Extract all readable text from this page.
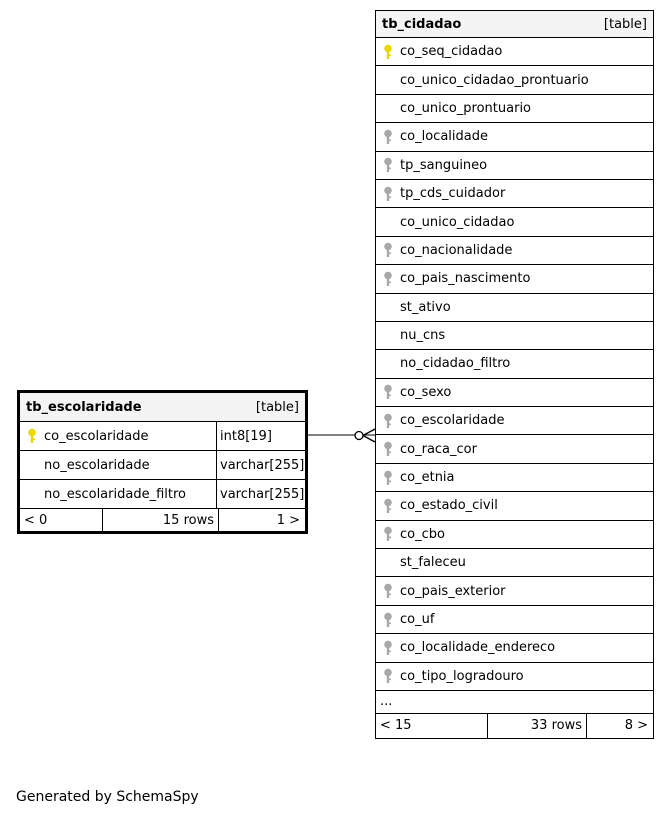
tb_cidadao	[table]
co_seq_cidadao
co_unico_cidadao_prontuario
co_unico_prontuario
co_localidade
tp_sanguineo
tp_cds_cuidador
co_unico_cidadao
co_nacionalidade
co_pais_nascimento
st_ativo
nu_cns
no_cidadao_filtro
co_sexo
co_escolaridade
co_raca_cor
co_etnia
co_estado_civil
co_cbo
st_faleceu
co_pais_exterior
co_uf
co_localidade_endereco
co_tipo_logradouro
...
< 15	33 rows	8 >
tb_escolaridade	[table]
co_escolaridade	int8[19]
no_escolaridade	varchar[255]
no_escolaridade_filtro	varchar[255]
< 0	15 rows	1 >
Generated by SchemaSpy
